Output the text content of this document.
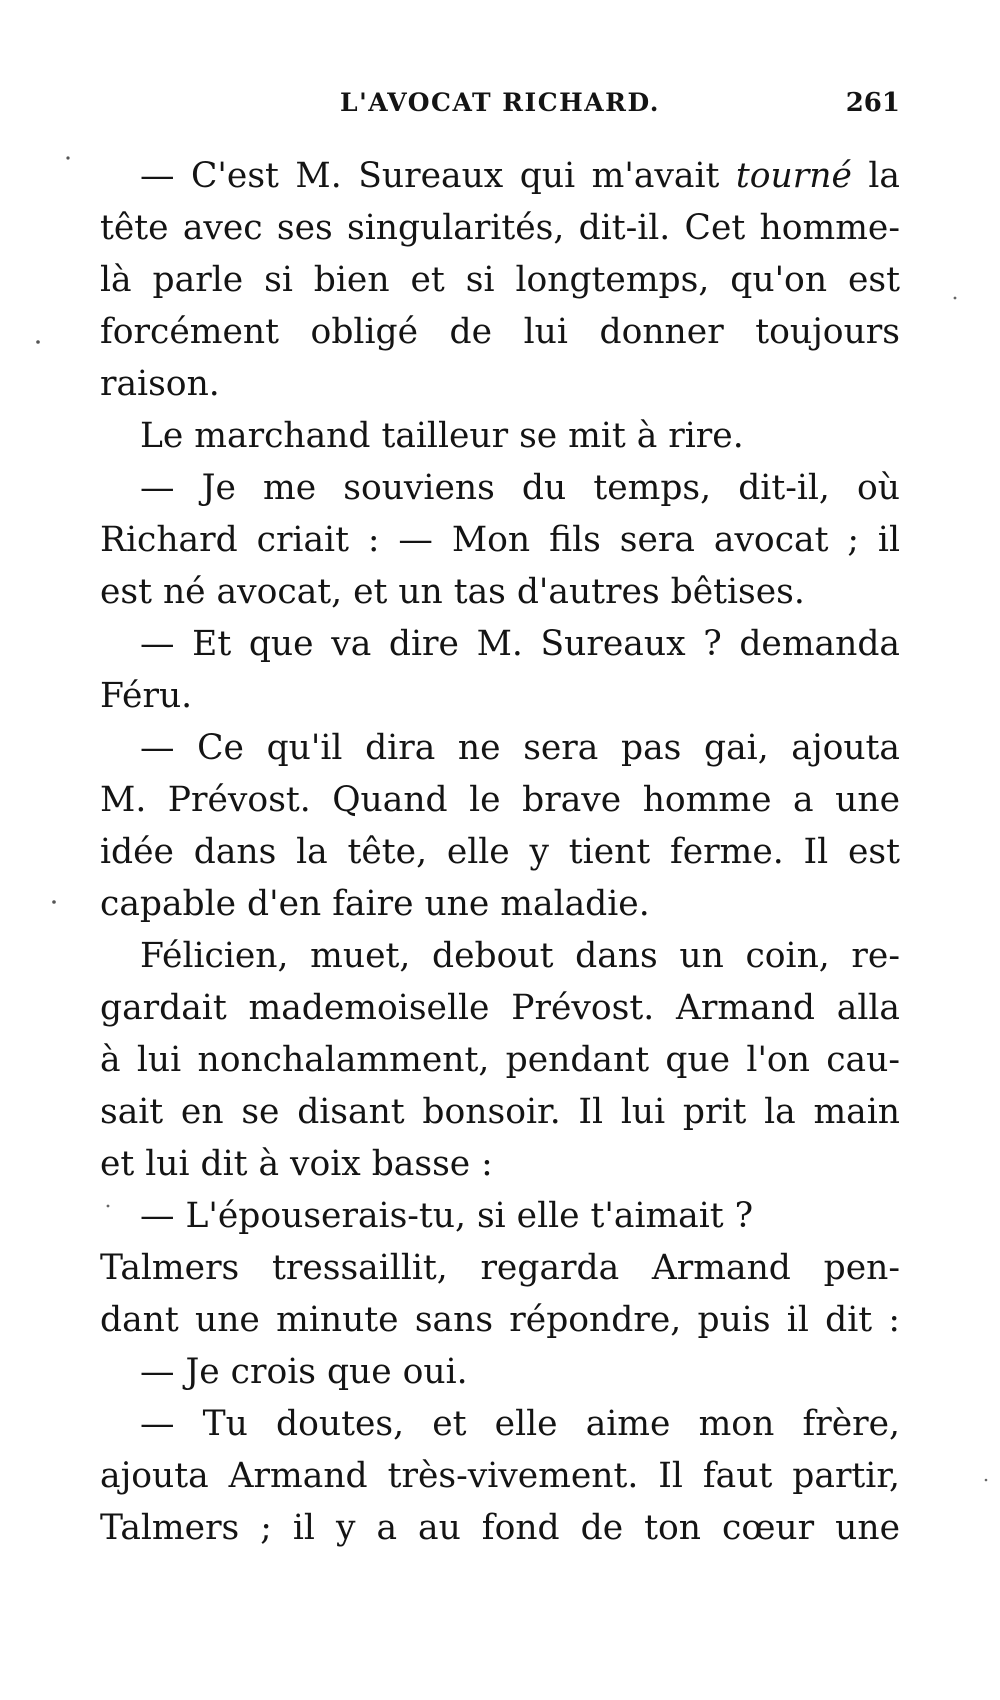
L'AVOCAT RICHARD.	261
— C'est M. Sureaux qui m'avait tourné la
tête avec ses singularités, dit-il. Cet homme-
là parle si bien et si longtemps, qu'on est
forcément obligé de lui donner toujours
raison.
Le marchand tailleur se mit à rire.
— Je me souviens du temps, dit-il, où
Richard criait : — Mon fils sera avocat ; il
est né avocat, et un tas d'autres bêtises.
— Et que va dire M. Sureaux ? demanda
Féru.
— Ce qu'il dira ne sera pas gai, ajouta
M. Prévost. Quand le brave homme a une
idée dans la tête, elle y tient ferme. Il est
capable d'en faire une maladie.
Félicien, muet, debout dans un coin, re-
gardait mademoiselle Prévost. Armand alla
à lui nonchalamment, pendant que l'on cau-
sait en se disant bonsoir. Il lui prit la main
et lui dit à voix basse :
— L'épouserais-tu, si elle t'aimait ?
Talmers tressaillit, regarda Armand pen-
dant une minute sans répondre, puis il dit :
— Je crois que oui.
— Tu doutes, et elle aime mon frère,
ajouta Armand très-vivement. Il faut partir,
Talmers ; il y a au fond de ton cœur une
